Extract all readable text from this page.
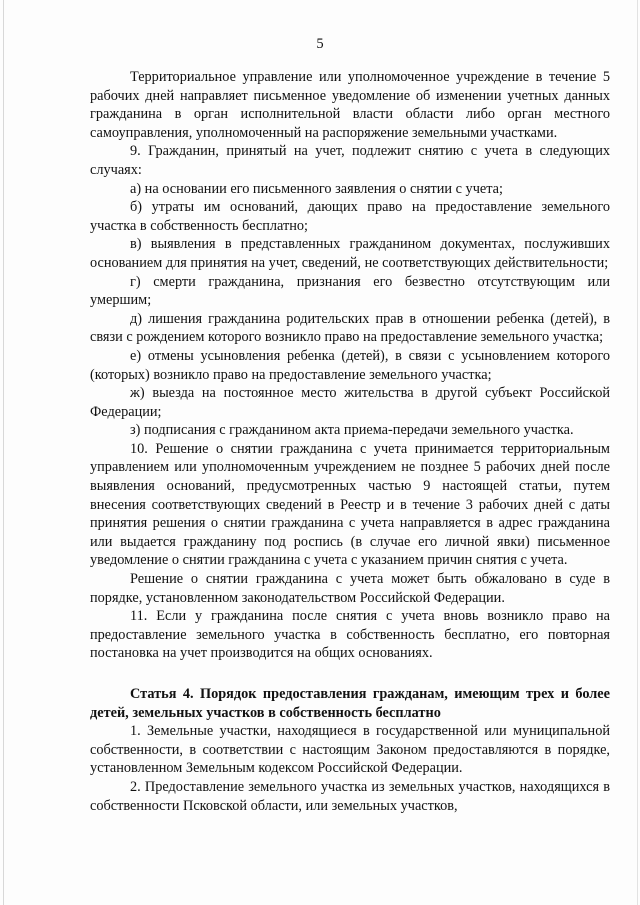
5

Территориальное управление или уполномоченное учреждение в течение 5 рабочих дней направляет письменное уведомление об изменении учетных данных гражданина в орган исполнительной власти области либо орган местного самоуправления, уполномоченный на распоряжение земельными участками.

9. Гражданин, принятый на учет, подлежит снятию с учета в следующих случаях:

а) на основании его письменного заявления о снятии с учета;

б) утраты им оснований, дающих право на предоставление земельного участка в собственность бесплатно;

в) выявления в представленных гражданином документах, послуживших основанием для принятия на учет, сведений, не соответствующих действительности;

г) смерти гражданина, признания его безвестно отсутствующим или умершим;

д) лишения гражданина родительских прав в отношении ребенка (детей), в связи с рождением которого возникло право на предоставление земельного участка;

е) отмены усыновления ребенка (детей), в связи с усыновлением которого (которых) возникло право на предоставление земельного участка;

ж) выезда на постоянное место жительства в другой субъект Российской Федерации;

з) подписания с гражданином акта приема-передачи земельного участка.

10. Решение о снятии гражданина с учета принимается территориальным управлением или уполномоченным учреждением не позднее 5 рабочих дней после выявления оснований, предусмотренных частью 9 настоящей статьи, путем внесения соответствующих сведений в Реестр и в течение 3 рабочих дней с даты принятия решения о снятии гражданина с учета направляется в адрес гражданина или выдается гражданину под роспись (в случае его личной явки) письменное уведомление о снятии гражданина с учета с указанием причин снятия с учета.

Решение о снятии гражданина с учета может быть обжаловано в суде в порядке, установленном законодательством Российской Федерации.

11. Если у гражданина после снятия с учета вновь возникло право на предоставление земельного участка в собственность бесплатно, его повторная постановка на учет производится на общих основаниях.

Статья 4. Порядок предоставления гражданам, имеющим трех и более детей, земельных участков в собственность бесплатно

1. Земельные участки, находящиеся в государственной или муниципальной собственности, в соответствии с настоящим Законом предоставляются в порядке, установленном Земельным кодексом Российской Федерации.

2. Предоставление земельного участка из земельных участков, находящихся в собственности Псковской области, или земельных участков,
